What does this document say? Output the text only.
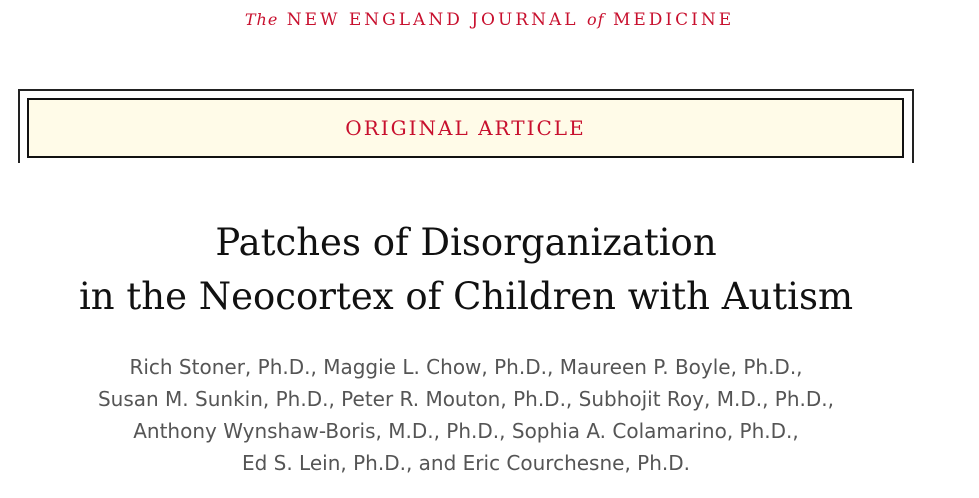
The NEW ENGLAND JOURNAL of MEDICINE
ORIGINAL ARTICLE
Patches of Disorganization
in the Neocortex of Children with Autism
Rich Stoner, Ph.D., Maggie L. Chow, Ph.D., Maureen P. Boyle, Ph.D.,
Susan M. Sunkin, Ph.D., Peter R. Mouton, Ph.D., Subhojit Roy, M.D., Ph.D.,
Anthony Wynshaw-Boris, M.D., Ph.D., Sophia A. Colamarino, Ph.D.,
Ed S. Lein, Ph.D., and Eric Courchesne, Ph.D.
